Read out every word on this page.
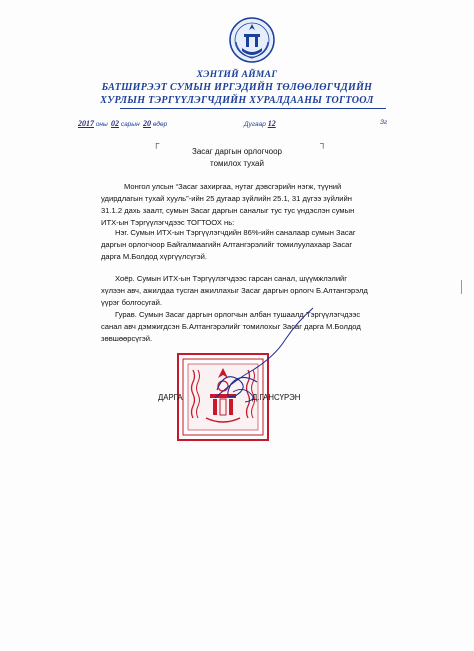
ХЭНТИЙ АЙМАГ
БАТШИРЭЭТ СУМЫН ИРГЭДИЙН ТӨЛӨӨЛӨГЧДИЙН
ХУРЛЫН ТЭРГҮҮЛЭГЧДИЙН ХУРАЛДААНЫ ТОГТООЛ
2017 оны 02 сарын 20 өдөр	Дугаар 12	Зг
┌	┐
Засаг даргын орлогчоор
томилох тухай
Монгол улсын “Засаг захиргаа, нутаг дэвсгэрийн нэгж, түүний удирдлагын тухай хууль”-ийн 25 дугаар зүйлийн 25.1, 31 дүгээ зүйлийн 31.1.2 дахь заалт, сумын Засаг даргын саналыг тус тус үндэслэн сумын ИТХ-ын Тэргүүлэгчдээс ТОГТООХ нь:
Нэг. Сумын ИТХ-ын Тэргүүлэгчдийн 86%-ийн саналаар сумын Засаг даргын орлогчоор Байгалмаагийн Алтангэрэлийг томилуулахаар Засаг дарга М.Болдод хүргүүлсүгэй.
Хоёр. Сумын ИТХ-ын Тэргүүлэгчдээс гарсан санал, шүүмжлэлийг хүлээн авч, ажилдаа тусган ажиллахыг Засаг даргын орлогч Б.Алтангэрэлд үүрэг болгосугай.
Гурав. Сумын Засаг даргын орлогчын албан тушаалд Тэргүүлэгчдээс санал авч дэмжигдсэн Б.Алтангэрэлийг томилохыг Засаг дарга М.Болдод зөвшөөрсүгэй.
ДАРГА	Д.ГАНСҮРЭН
